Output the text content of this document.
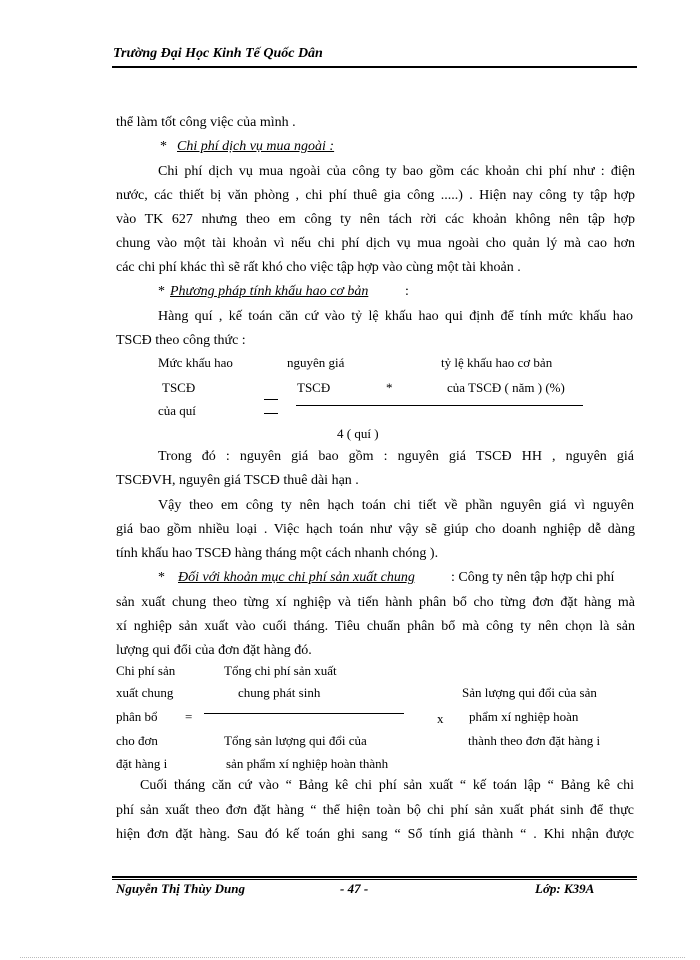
Trường Đại Học Kinh Tế Quốc Dân
thể làm tốt công việc của mình .
* Chi phí dịch vụ mua ngoài :
Chi phí dịch vụ mua ngoài của công ty bao gồm các khoản chi phí như : điện
nước, các thiết bị văn phòng , chi phí thuê gia công .....) . Hiện nay công ty tập hợp
vào TK 627 nhưng theo em công ty nên tách rời các khoản không nên tập hợp
chung vào một tài khoản vì nếu chi phí dịch vụ mua ngoài cho quản lý mà cao hơn
các chi phí khác thì sẽ rất khó cho việc tập hợp vào cùng một tài khoản .
* Phương pháp tính khấu hao cơ bản	:
Hàng quí , kế toán căn cứ vào tỷ lệ khấu hao qui định để tính mức khấu hao
TSCĐ theo công thức :
Mức khấu hao
TSCĐ
của quí
nguyên giá
TSCĐ	*
tỷ lệ khấu hao cơ bản
của TSCĐ ( năm ) (%)
4 ( quí )
Trong đó : nguyên giá bao gồm : nguyên giá TSCĐ HH , nguyên giá
TSCĐVH, nguyên giá TSCĐ thuê dài hạn .
Vậy theo em công ty nên hạch toán chi tiết về phần nguyên giá vì nguyên
giá bao gồm nhiều loại . Việc hạch toán như vậy sẽ giúp cho doanh nghiệp dễ dàng
tính khấu hao TSCĐ hàng tháng một cách nhanh chóng ).
* Đối với khoản mục chi phí sản xuất chung	: Công ty nên tập hợp chi phí
sản xuất chung theo từng xí nghiệp và tiến hành phân bổ cho từng đơn đặt hàng mà
xí nghiệp sản xuất vào cuối tháng. Tiêu chuẩn phân bổ mà công ty nên chọn là sản
lượng qui đổi của đơn đặt hàng đó.
Chi phí sản
xuất chung
phân bổ
cho đơn
đặt hàng i
=
Tổng chi phí sản xuất
chung phát sinh
Tổng sản lượng qui đổi của
sản phẩm xí nghiệp hoàn thành
x
Sản lượng qui đổi của sản
phẩm xí nghiệp hoàn
thành theo đơn đặt hàng i
Cuối tháng căn cứ vào “ Bảng kê chi phí sản xuất “ kế toán lập “ Bảng kê chi
phí sản xuất theo đơn đặt hàng “ thể hiện toàn bộ chi phí sản xuất phát sinh để thực
hiện đơn đặt hàng. Sau đó kế toán ghi sang “ Sổ tính giá thành “ . Khi nhận được
Nguyễn Thị Thùy Dung	- 47 -	Lớp: K39A
